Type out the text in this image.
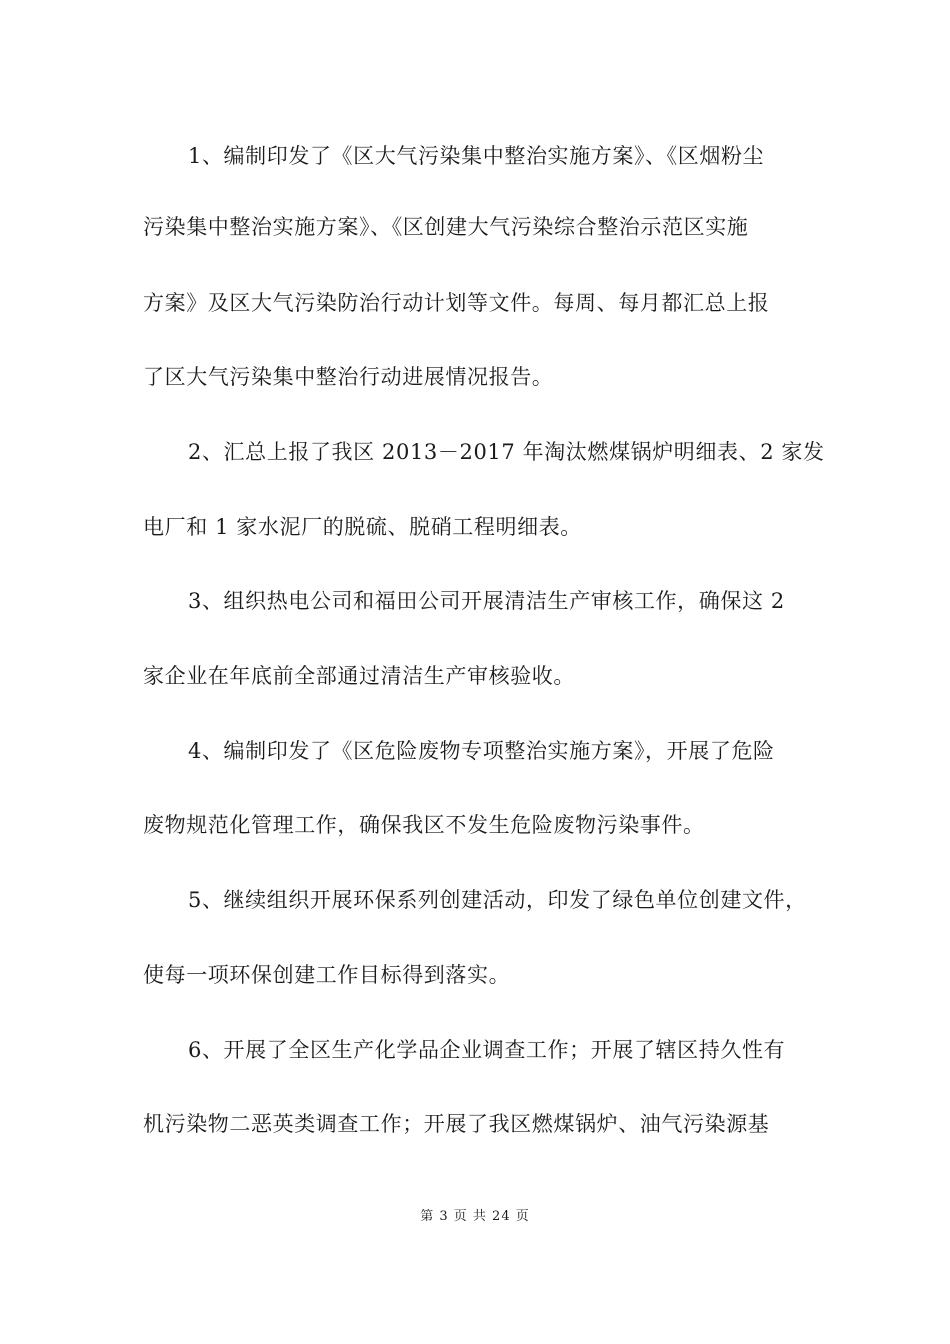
1、编制印发了《区大气污染集中整治实施方案》、《区烟粉尘
污染集中整治实施方案》、《区创建大气污染综合整治示范区实施
方案》及区大气污染防治行动计划等文件。每周、每月都汇总上报
了区大气污染集中整治行动进展情况报告。
2、汇总上报了我区 2013－2017 年淘汰燃煤锅炉明细表、2 家发
电厂和 1 家水泥厂的脱硫、脱硝工程明细表。
3、组织热电公司和福田公司开展清洁生产审核工作，确保这 2
家企业在年底前全部通过清洁生产审核验收。
4、编制印发了《区危险废物专项整治实施方案》，开展了危险
废物规范化管理工作，确保我区不发生危险废物污染事件。
5、继续组织开展环保系列创建活动，印发了绿色单位创建文件，
使每一项环保创建工作目标得到落实。
6、开展了全区生产化学品企业调查工作；开展了辖区持久性有
机污染物二恶英类调查工作；开展了我区燃煤锅炉、油气污染源基
第 3 页 共 24 页
